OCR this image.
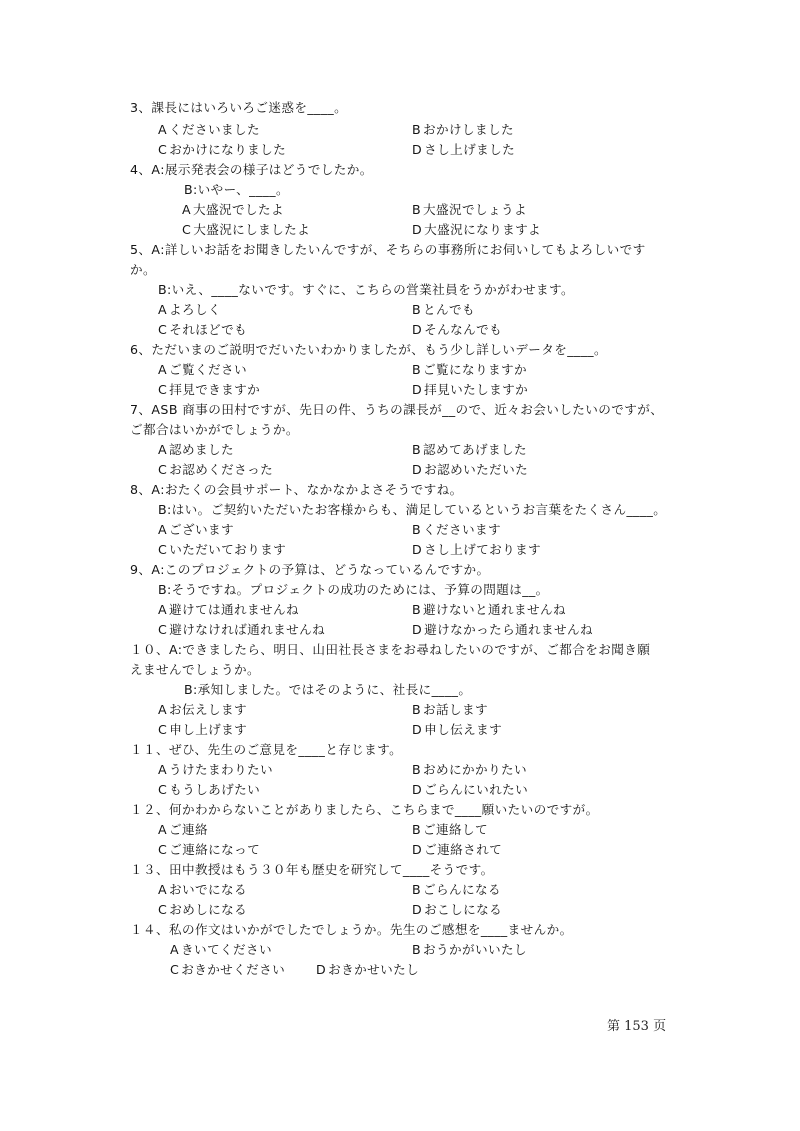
3、課長にはいろいろご迷惑を____。
A くださいました	B おかけしました
C おかけになりました	D さし上げました
4、A:展示発表会の様子はどうでしたか。
B:いやー、____。
A 大盛況でしたよ	B 大盛況でしょうよ
C 大盛況にしましたよ	D 大盛況になりますよ
5、A:詳しいお話をお聞きしたいんですが、そちらの事務所にお伺いしてもよろしいです
か。
B:いえ、____ないです。すぐに、こちらの営業社員をうかがわせます。
A よろしく	B とんでも
C それほどでも	D そんなんでも
6、ただいまのご説明でだいたいわかりましたが、もう少し詳しいデータを____。
A ご覧ください	B ご覧になりますか
C 拝見できますか	D 拝見いたしますか
7、ASB 商事の田村ですが、先日の件、うちの課長が__ので、近々お会いしたいのですが、
ご都合はいかがでしょうか。
A 認めました	B 認めてあげました
C お認めくださった	D お認めいただいた
8、A:おたくの会員サポート、なかなかよさそうですね。
B:はい。ご契約いただいたお客様からも、満足しているというお言葉をたくさん____。
A ございます	B くださいます
C いただいております	D さし上げております
9、A:このプロジェクトの予算は、どうなっているんですか。
B:そうですね。プロジェクトの成功のためには、予算の問題は__。
A 避けては通れませんね	B 避けないと通れませんね
C 避けなければ通れませんね	D 避けなかったら通れませんね
１０、A:できましたら、明日、山田社長さまをお尋ねしたいのですが、ご都合をお聞き願
えませんでしょうか。
B:承知しました。ではそのように、社長に____。
A お伝えします	B お話します
C 申し上げます	D 申し伝えます
１１、ぜひ、先生のご意見を____と存じます。
A うけたまわりたい	B おめにかかりたい
C もうしあげたい	D ごらんにいれたい
１２、何かわからないことがありましたら、こちらまで____願いたいのですが。
A ご連絡	B ご連絡して
C ご連絡になって	D ご連絡されて
１３、田中教授はもう３０年も歴史を研究して____そうです。
A おいでになる	B ごらんになる
C おめしになる	D おこしになる
１４、私の作文はいかがでしたでしょうか。先生のご感想を____ませんか。
A きいてください	B おうかがいいたし
C おきかせください D おきかせいたし
第 153 页
